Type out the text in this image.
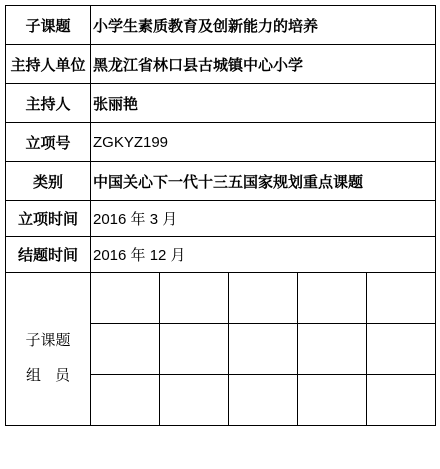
子课题	小学生素质教育及创新能力的培养				
主持人单位	黑龙江省林口县古城镇中心小学				
主持人	张丽艳				
立项号	ZGKYZ199				
类别	中国关心下一代十三五国家规划重点课题				
立项时间	2016 年 3 月				
结题时间	2016 年 12 月				

子课题
组员					
